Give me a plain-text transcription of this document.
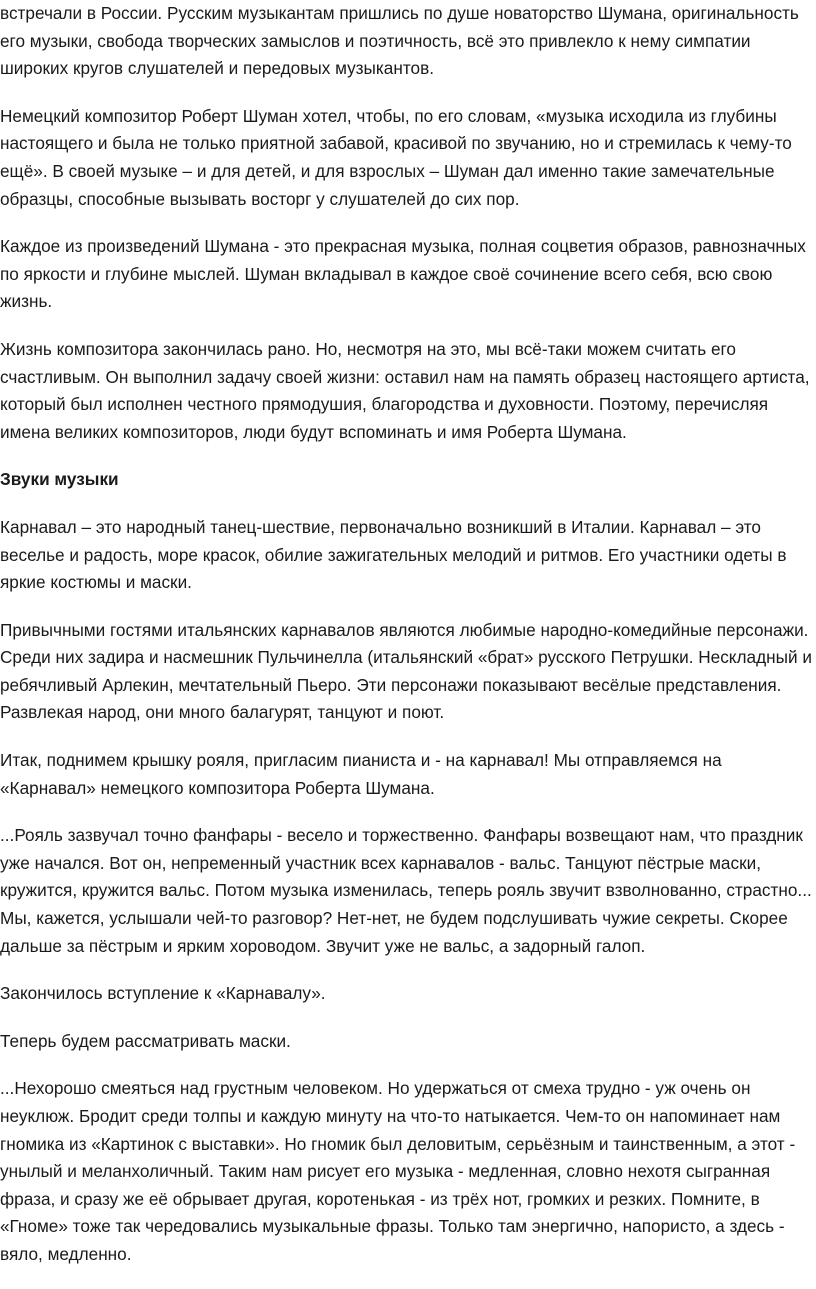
встречали в России. Русским музыкантам пришлись по душе новаторство Шумана, оригинальность его музыки, свобода творческих замыслов и поэтичность, всё это привлекло к нему симпатии широких кругов слушателей и передовых музыкантов.

Немецкий композитор Роберт Шуман хотел, чтобы, по его словам, «музыка исходила из глубины настоящего и была не только приятной забавой, красивой по звучанию, но и стремилась к чему-то ещё». В своей музыке – и для детей, и для взрослых – Шуман дал именно такие замечательные образцы, способные вызывать восторг у слушателей до сих пор.

Каждое из произведений Шумана - это прекрасная музыка, полная соцветия образов, равнозначных по яркости и глубине мыслей. Шуман вкладывал в каждое своё сочинение всего себя, всю свою жизнь.

Жизнь композитора закончилась рано. Но, несмотря на это, мы всё-таки можем считать его счастливым. Он выполнил задачу своей жизни: оставил нам на память образец настоящего артиста, который был исполнен честного прямодушия, благородства и духовности. Поэтому, перечисляя имена великих композиторов, люди будут вспоминать и имя Роберта Шумана.

Звуки музыки

Карнавал – это народный танец-шествие, первоначально возникший в Италии. Карнавал – это веселье и радость, море красок, обилие зажигательных мелодий и ритмов. Его участники одеты в яркие костюмы и маски.

Привычными гостями итальянских карнавалов являются любимые народно-комедийные персонажи. Среди них задира и насмешник Пульчинелла (итальянский «брат» русского Петрушки. Нескладный и ребячливый Арлекин, мечтательный Пьеро. Эти персонажи показывают весёлые представления. Развлекая народ, они много балагурят, танцуют и поют.

Итак, поднимем крышку рояля, пригласим пианиста и - на карнавал! Мы отправляемся на «Карнавал» немецкого композитора Роберта Шумана.

...Рояль зазвучал точно фанфары - весело и торжественно. Фанфары возвещают нам, что праздник уже начался. Вот он, непременный участник всех карнавалов - вальс. Танцуют пёстрые маски, кружится, кружится вальс. Потом музыка изменилась, теперь рояль звучит взволнованно, страстно... Мы, кажется, услышали чей-то разговор? Нет-нет, не будем подслушивать чужие секреты. Скорее дальше за пёстрым и ярким хороводом. Звучит уже не вальс, а задорный галоп.

Закончилось вступление к «Карнавалу».

Теперь будем рассматривать маски.

...Нехорошо смеяться над грустным человеком. Но удержаться от смеха трудно - уж очень он неуклюж. Бродит среди толпы и каждую минуту на что-то натыкается. Чем-то он напоминает нам гномика из «Картинок с выставки». Но гномик был деловитым, серьёзным и таинственным, а этот - унылый и меланхоличный. Таким нам рисует его музыка - медленная, словно нехотя сыгранная фраза, и сразу же её обрывает другая, коротенькая - из трёх нот, громких и резких. Помните, в «Гноме» тоже так чередовались музыкальные фразы. Только там энергично, напористо, а здесь - вяло, медленно.
